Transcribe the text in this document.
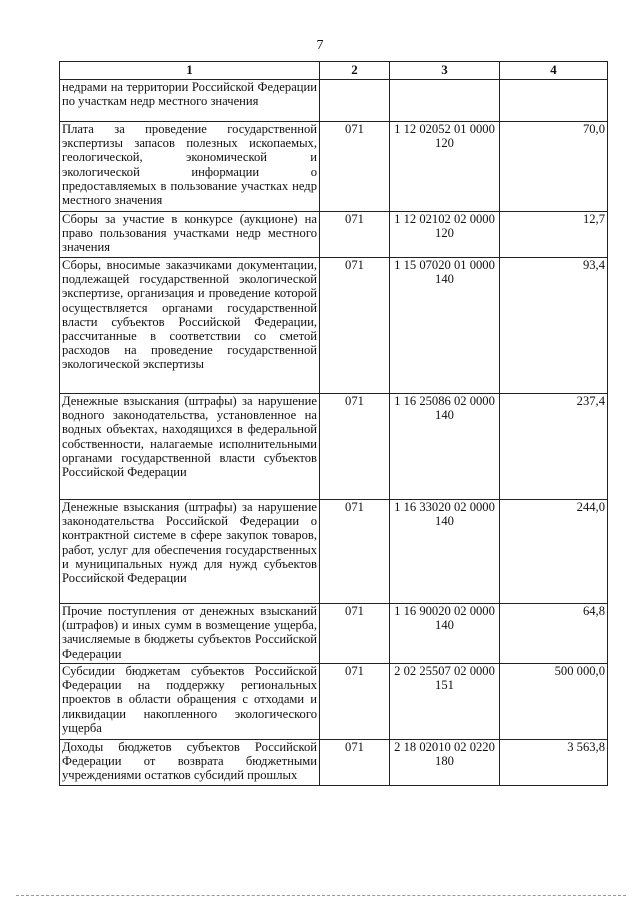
7
1	2	3	4
недрами на территории Российской Федерации по участкам недр местного значения			
Плата за проведение государственной экспертизы запасов полезных ископаемых, геологической, экономической и экологической информации о предоставляемых в пользование участках недр местного значения	071	1 12 02052 01 0000 120	70,0
Сборы за участие в конкурсе (аукционе) на право пользования участками недр местного значения	071	1 12 02102 02 0000 120	12,7
Сборы, вносимые заказчиками документации, подлежащей государственной экологической экспертизе, организация и проведение которой осуществляется органами государственной власти субъектов Российской Федерации, рассчитанные в соответствии со сметой расходов на проведение государственной экологической экспертизы	071	1 15 07020 01 0000 140	93,4
Денежные взыскания (штрафы) за нарушение водного законодательства, установленное на водных объектах, находящихся в федеральной собственности, налагаемые исполнительными органами государственной власти субъектов Российской Федерации	071	1 16 25086 02 0000 140	237,4
Денежные взыскания (штрафы) за нарушение законодательства Российской Федерации о контрактной системе в сфере закупок товаров, работ, услуг для обеспечения государственных и муниципальных нужд для нужд субъектов Российской Федерации	071	1 16 33020 02 0000 140	244,0
Прочие поступления от денежных взысканий (штрафов) и иных сумм в возмещение ущерба, зачисляемые в бюджеты субъектов Российской Федерации	071	1 16 90020 02 0000 140	64,8
Субсидии бюджетам субъектов Российской Федерации на поддержку региональных проектов в области обращения с отходами и ликвидации накопленного экологического ущерба	071	2 02 25507 02 0000 151	500 000,0
Доходы бюджетов субъектов Российской Федерации от возврата бюджетными учреждениями остатков субсидий прошлых	071	2 18 02010 02 0220 180	3 563,8
